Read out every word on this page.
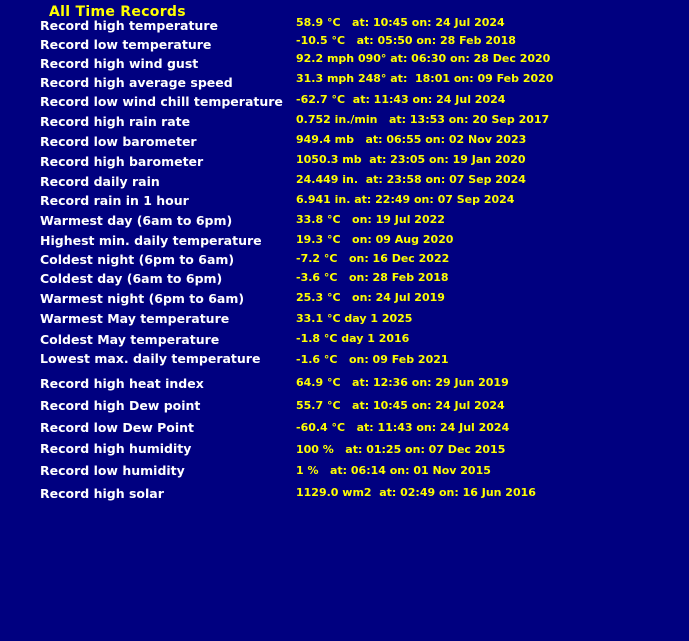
All Time Records
Record high temperature	58.9 °C   at: 10:45 on: 24 Jul 2024
Record low temperature	-10.5 °C   at: 05:50 on: 28 Feb 2018
Record high wind gust	92.2 mph 090° at: 06:30 on: 28 Dec 2020
Record high average speed	31.3 mph 248° at:  18:01 on: 09 Feb 2020
Record low wind chill temperature -62.7 °C  at: 11:43 on: 24 Jul 2024
Record high rain rate	0.752 in./min   at: 13:53 on: 20 Sep 2017
Record low barometer	949.4 mb   at: 06:55 on: 02 Nov 2023
Record high barometer	1050.3 mb  at: 23:05 on: 19 Jan 2020
Record daily rain	24.449 in.  at: 23:58 on: 07 Sep 2024
Record rain in 1 hour	6.941 in. at: 22:49 on: 07 Sep 2024
Warmest day (6am to 6pm)	33.8 °C   on: 19 Jul 2022
Highest min. daily temperature	19.3 °C   on: 09 Aug 2020
Coldest night (6pm to 6am)	-7.2 °C   on: 16 Dec 2022
Coldest day (6am to 6pm)	-3.6 °C   on: 28 Feb 2018
Warmest night (6pm to 6am)	25.3 °C   on: 24 Jul 2019
Warmest May temperature	33.1 °C day 1 2025
Coldest May temperature	-1.8 °C day 1 2016
Lowest max. daily temperature	-1.6 °C   on: 09 Feb 2021
Record high heat index	64.9 °C   at: 12:36 on: 29 Jun 2019
Record high Dew point	55.7 °C   at: 10:45 on: 24 Jul 2024
Record low Dew Point	-60.4 °C   at: 11:43 on: 24 Jul 2024
Record high humidity	100 %   at: 01:25 on: 07 Dec 2015
Record low humidity	1 %   at: 06:14 on: 01 Nov 2015
Record high solar	1129.0 wm2  at: 02:49 on: 16 Jun 2016
